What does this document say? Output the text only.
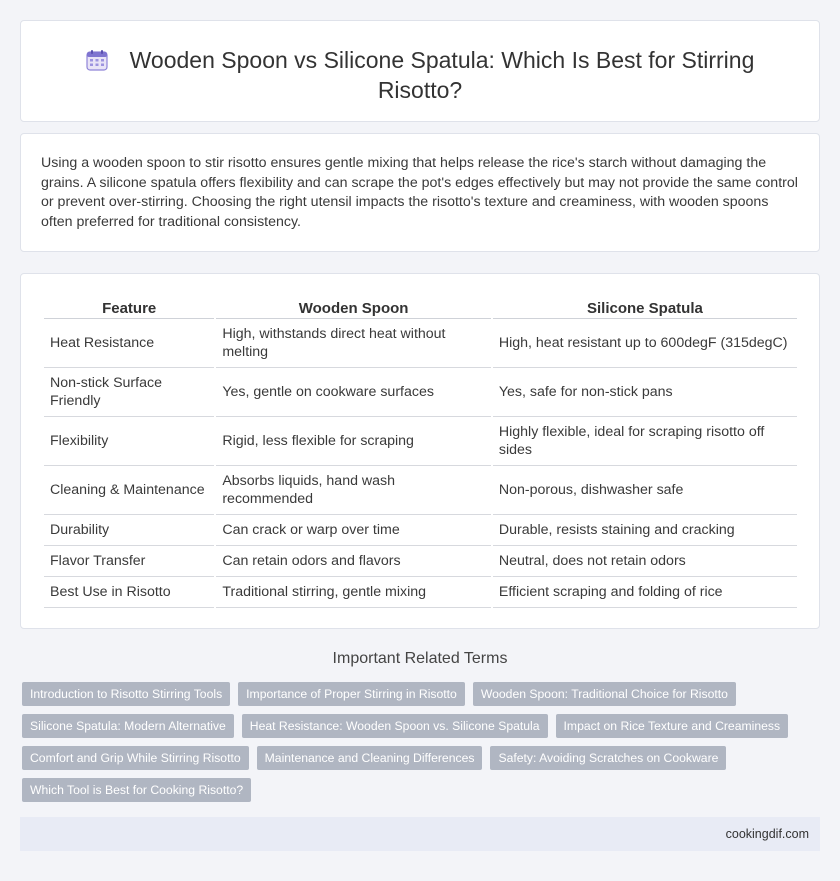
Wooden Spoon vs Silicone Spatula: Which Is Best for Stirring Risotto?

Using a wooden spoon to stir risotto ensures gentle mixing that helps release the rice's starch without damaging the grains. A silicone spatula offers flexibility and can scrape the pot's edges effectively but may not provide the same control or prevent over-stirring. Choosing the right utensil impacts the risotto's texture and creaminess, with wooden spoons often preferred for traditional consistency.

Feature	Wooden Spoon	Silicone Spatula
Heat Resistance	High, withstands direct heat without melting	High, heat resistant up to 600degF (315degC)
Non-stick Surface Friendly	Yes, gentle on cookware surfaces	Yes, safe for non-stick pans
Flexibility	Rigid, less flexible for scraping	Highly flexible, ideal for scraping risotto off sides
Cleaning & Maintenance	Absorbs liquids, hand wash recommended	Non-porous, dishwasher safe
Durability	Can crack or warp over time	Durable, resists staining and cracking
Flavor Transfer	Can retain odors and flavors	Neutral, does not retain odors
Best Use in Risotto	Traditional stirring, gentle mixing	Efficient scraping and folding of rice
Important Related Terms
Introduction to Risotto Stirring Tools	Importance of Proper Stirring in Risotto	Wooden Spoon: Traditional Choice for Risotto
Silicone Spatula: Modern Alternative	Heat Resistance: Wooden Spoon vs. Silicone Spatula	Impact on Rice Texture and Creaminess
Comfort and Grip While Stirring Risotto	Maintenance and Cleaning Differences	Safety: Avoiding Scratches on Cookware
Which Tool is Best for Cooking Risotto?
cookingdif.com
